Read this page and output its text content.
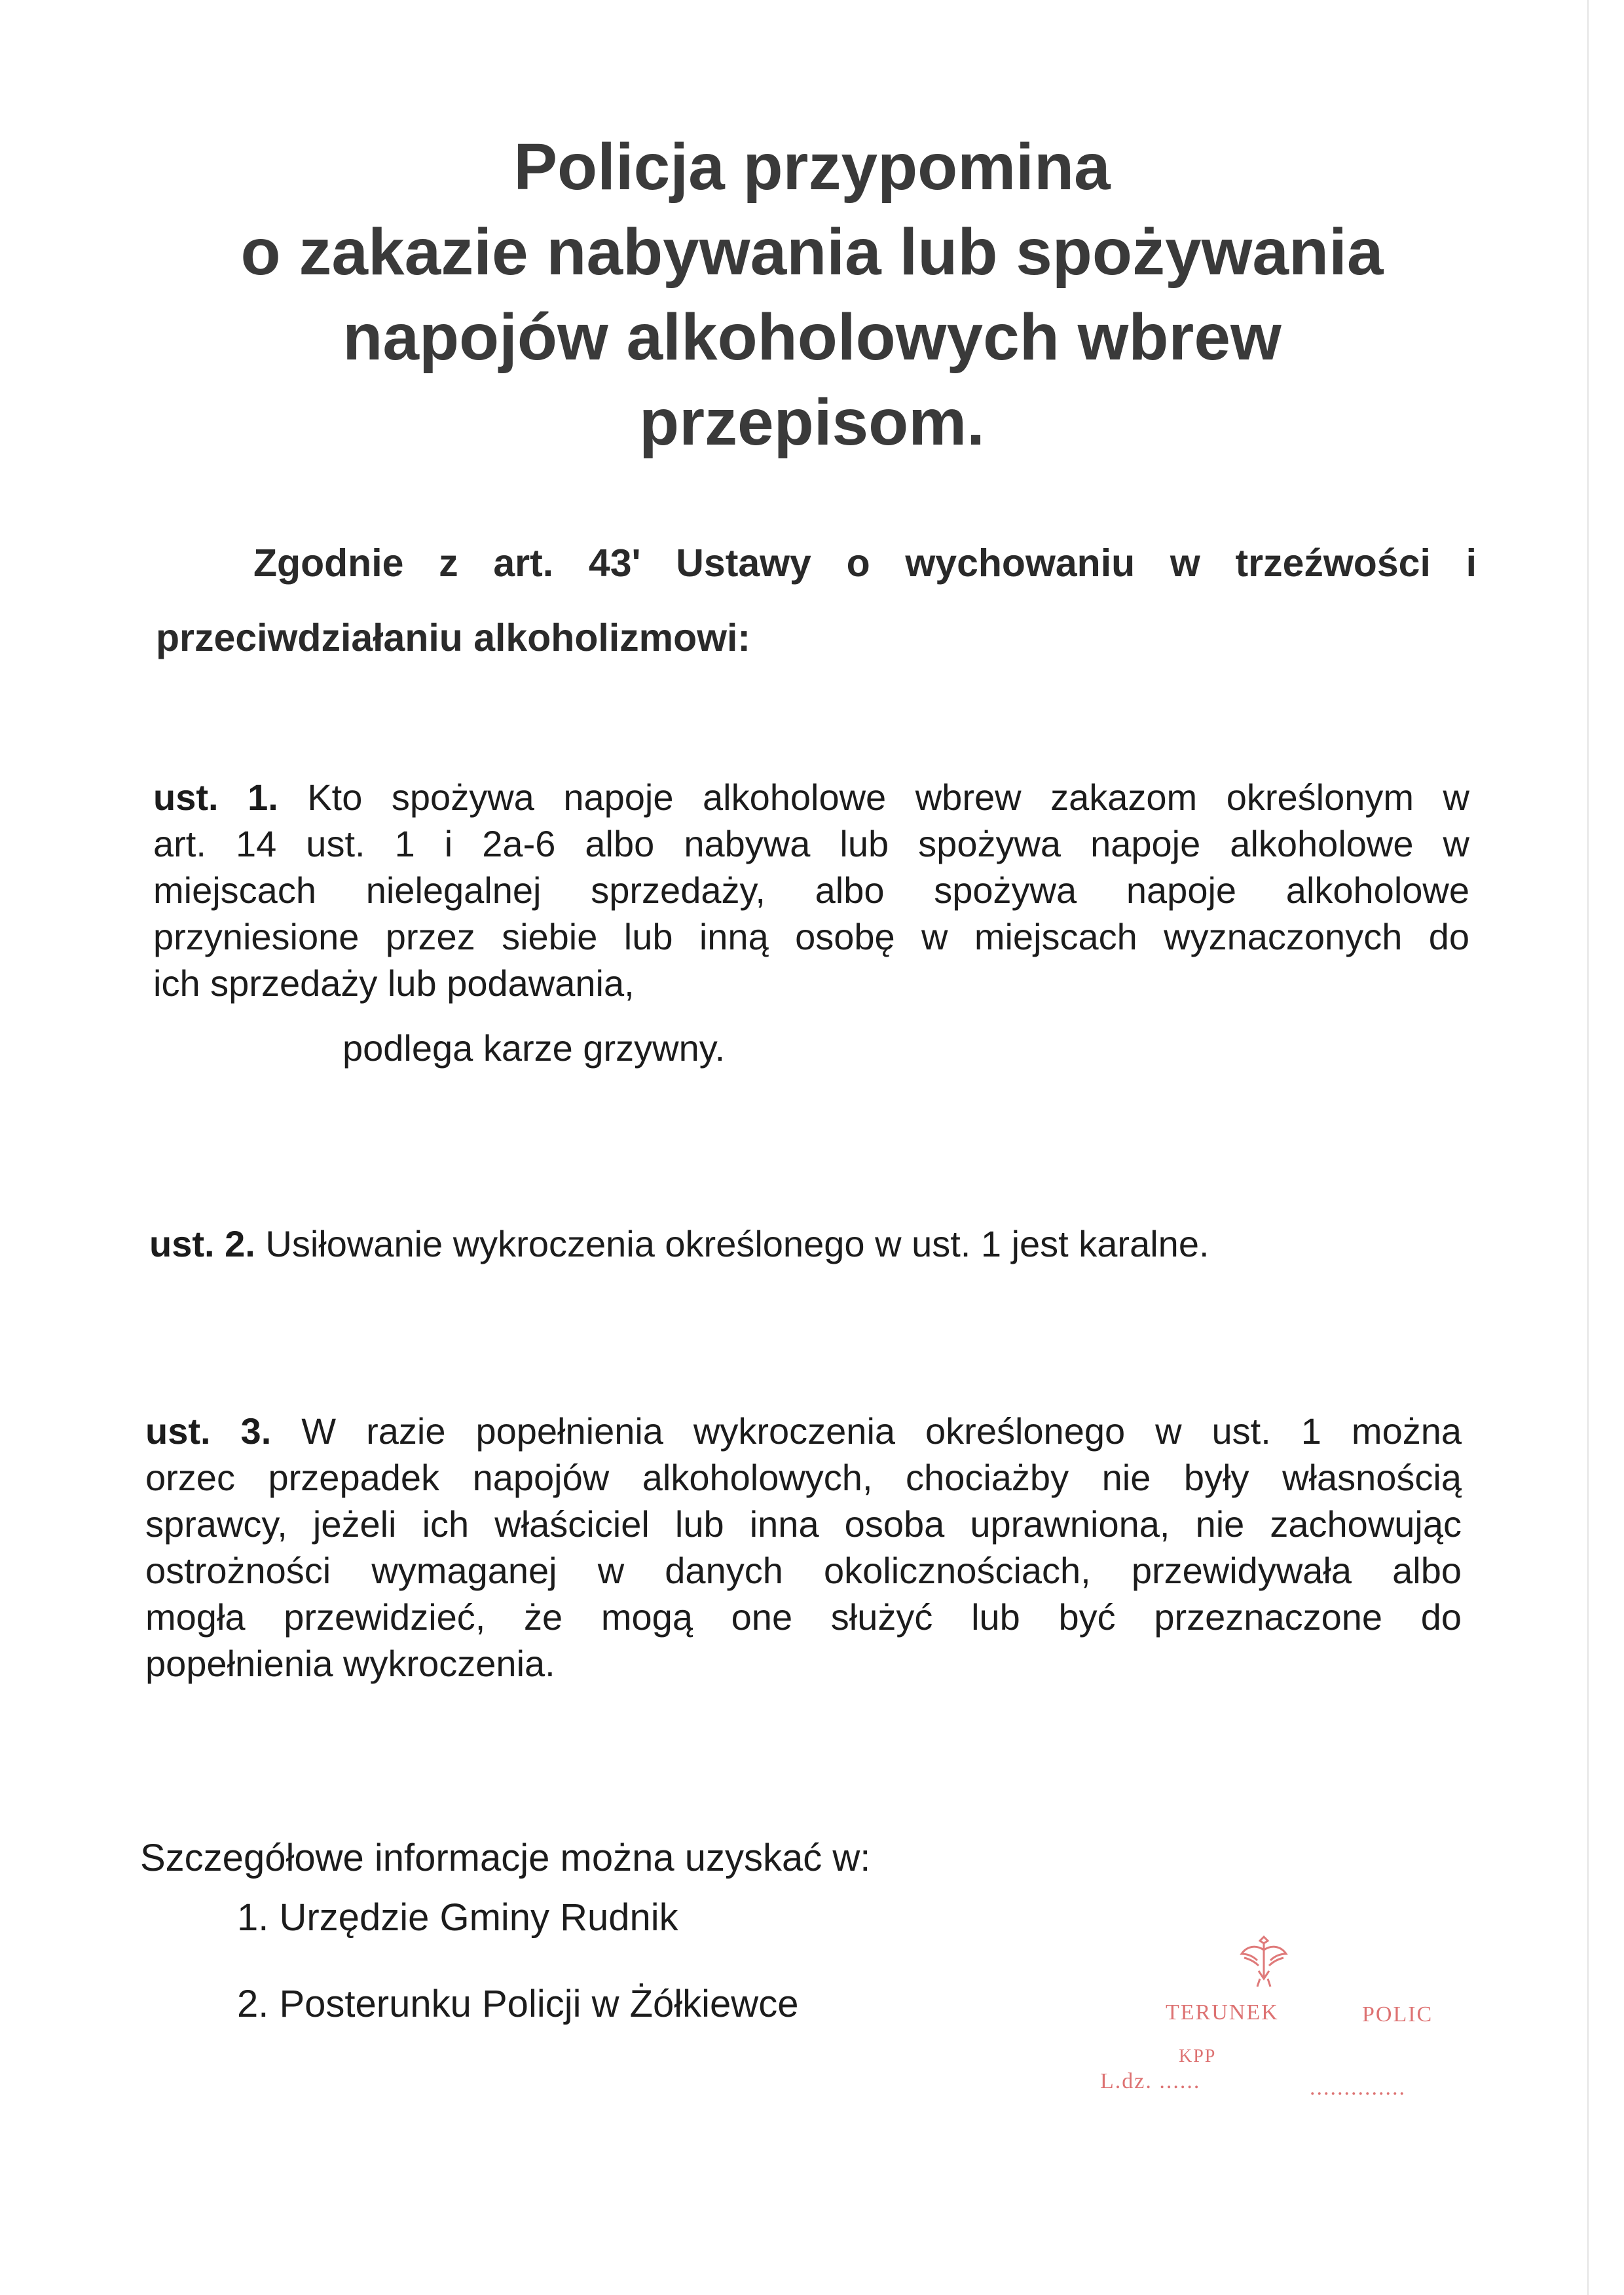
Policja przypomina
o zakazie nabywania lub spożywania
napojów alkoholowych wbrew
przepisom.
Zgodnie z art. 43' Ustawy o wychowaniu w trzeźwości i
przeciwdziałaniu alkoholizmowi:
ust. 1. Kto spożywa napoje alkoholowe wbrew zakazom określonym w
art. 14 ust. 1 i 2a-6 albo nabywa lub spożywa napoje alkoholowe w
miejscach nielegalnej sprzedaży, albo spożywa napoje alkoholowe
przyniesione przez siebie lub inną osobę w miejscach wyznaczonych do
ich sprzedaży lub podawania,
podlega karze grzywny.
ust. 2. Usiłowanie wykroczenia określonego w ust. 1 jest karalne.
ust. 3. W razie popełnienia wykroczenia określonego w ust. 1 można
orzec przepadek napojów alkoholowych, chociażby nie były własnością
sprawcy, jeżeli ich właściciel lub inna osoba uprawniona, nie zachowując
ostrożności wymaganej w danych okolicznościach, przewidywała albo
mogła przewidzieć, że mogą one służyć lub być przeznaczone do
popełnienia wykroczenia.
Szczegółowe informacje można uzyskać w:
1. Urzędzie Gminy Rudnik
2. Posterunku Policji w Żółkiewce	TERUNEK	POLIC
KPP
L.dz. ......	..............
